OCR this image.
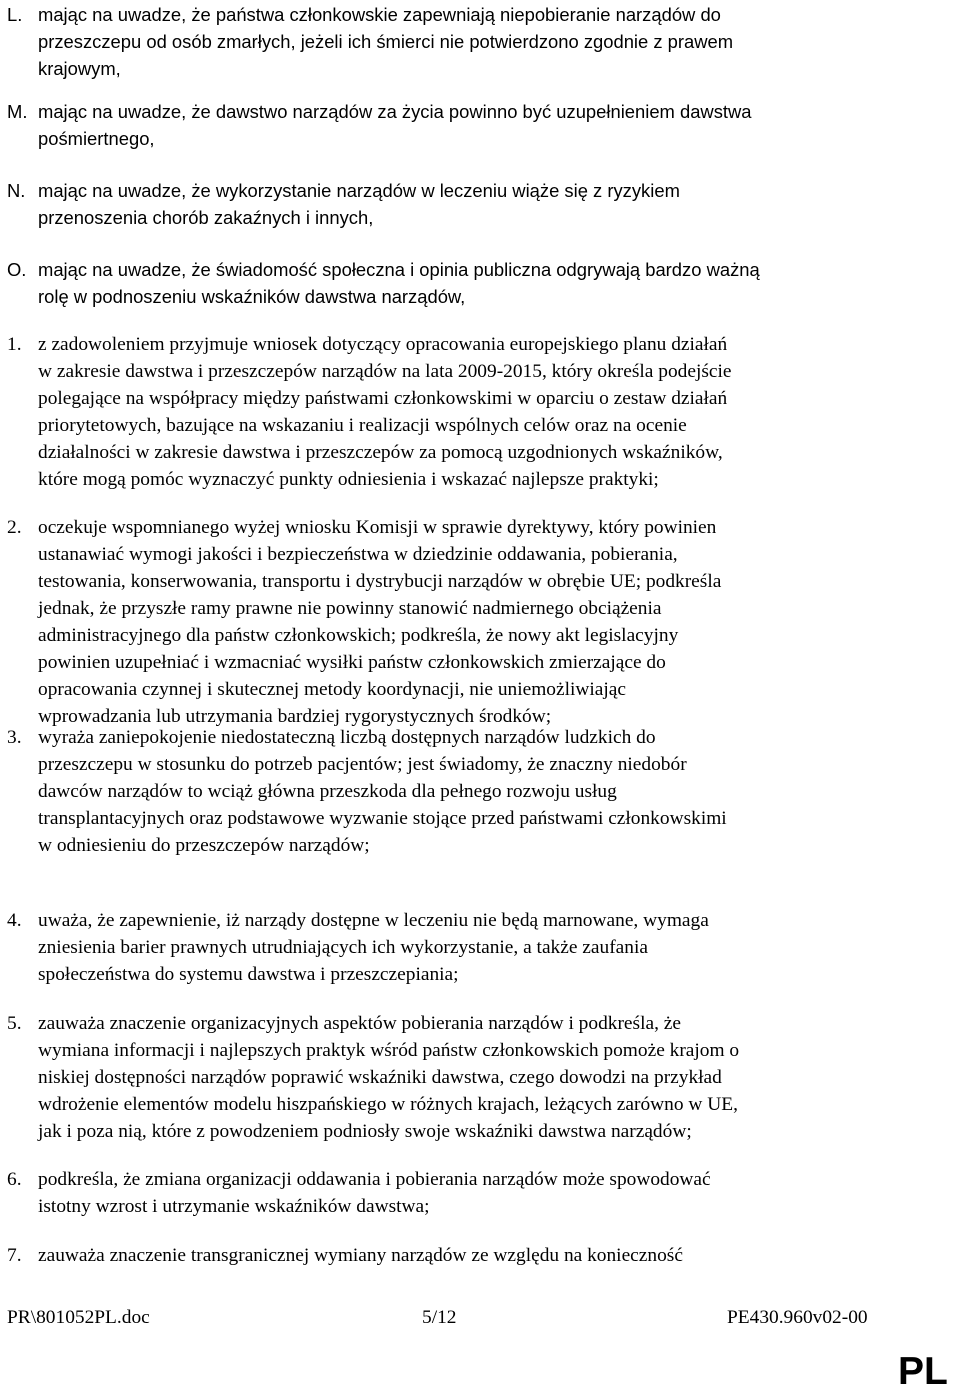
L. mając na uwadze, że państwa członkowskie zapewniają niepobieranie narządów do
przeszczepu od osób zmarłych, jeżeli ich śmierci nie potwierdzono zgodnie z prawem
krajowym,
M. mając na uwadze, że dawstwo narządów za życia powinno być uzupełnieniem dawstwa
pośmiertnego,
N. mając na uwadze, że wykorzystanie narządów w leczeniu wiąże się z ryzykiem
przenoszenia chorób zakaźnych i innych,
O. mając na uwadze, że świadomość społeczna i opinia publiczna odgrywają bardzo ważną
rolę w podnoszeniu wskaźników dawstwa narządów,
1. z zadowoleniem przyjmuje wniosek dotyczący opracowania europejskiego planu działań
w zakresie dawstwa i przeszczepów narządów na lata 2009-2015, który określa podejście
polegające na współpracy między państwami członkowskimi w oparciu o zestaw działań
priorytetowych, bazujące na wskazaniu i realizacji wspólnych celów oraz na ocenie
działalności w zakresie dawstwa i przeszczepów za pomocą uzgodnionych wskaźników,
które mogą pomóc wyznaczyć punkty odniesienia i wskazać najlepsze praktyki;
2. oczekuje wspomnianego wyżej wniosku Komisji w sprawie dyrektywy, który powinien
ustanawiać wymogi jakości i bezpieczeństwa w dziedzinie oddawania, pobierania,
testowania, konserwowania, transportu i dystrybucji narządów w obrębie UE; podkreśla
jednak, że przyszłe ramy prawne nie powinny stanowić nadmiernego obciążenia
administracyjnego dla państw członkowskich; podkreśla, że nowy akt legislacyjny
powinien uzupełniać i wzmacniać wysiłki państw członkowskich zmierzające do
opracowania czynnej i skutecznej metody koordynacji, nie uniemożliwiając
wprowadzania lub utrzymania bardziej rygorystycznych środków;
3. wyraża zaniepokojenie niedostateczną liczbą dostępnych narządów ludzkich do
przeszczepu w stosunku do potrzeb pacjentów; jest świadomy, że znaczny niedobór
dawców narządów to wciąż główna przeszkoda dla pełnego rozwoju usług
transplantacyjnych oraz podstawowe wyzwanie stojące przed państwami członkowskimi
w odniesieniu do przeszczepów narządów;
4. uważa, że zapewnienie, iż narządy dostępne w leczeniu nie będą marnowane, wymaga
zniesienia barier prawnych utrudniających ich wykorzystanie, a także zaufania
społeczeństwa do systemu dawstwa i przeszczepiania;
5. zauważa znaczenie organizacyjnych aspektów pobierania narządów i podkreśla, że
wymiana informacji i najlepszych praktyk wśród państw członkowskich pomoże krajom o
niskiej dostępności narządów poprawić wskaźniki dawstwa, czego dowodzi na przykład
wdrożenie elementów modelu hiszpańskiego w różnych krajach, leżących zarówno w UE,
jak i poza nią, które z powodzeniem podniosły swoje wskaźniki dawstwa narządów;
6. podkreśla, że zmiana organizacji oddawania i pobierania narządów może spowodować
istotny wzrost i utrzymanie wskaźników dawstwa;
7. zauważa znaczenie transgranicznej wymiany narządów ze względu na konieczność
PR\801052PL.doc	5/12	PE430.960v02-00
PL
